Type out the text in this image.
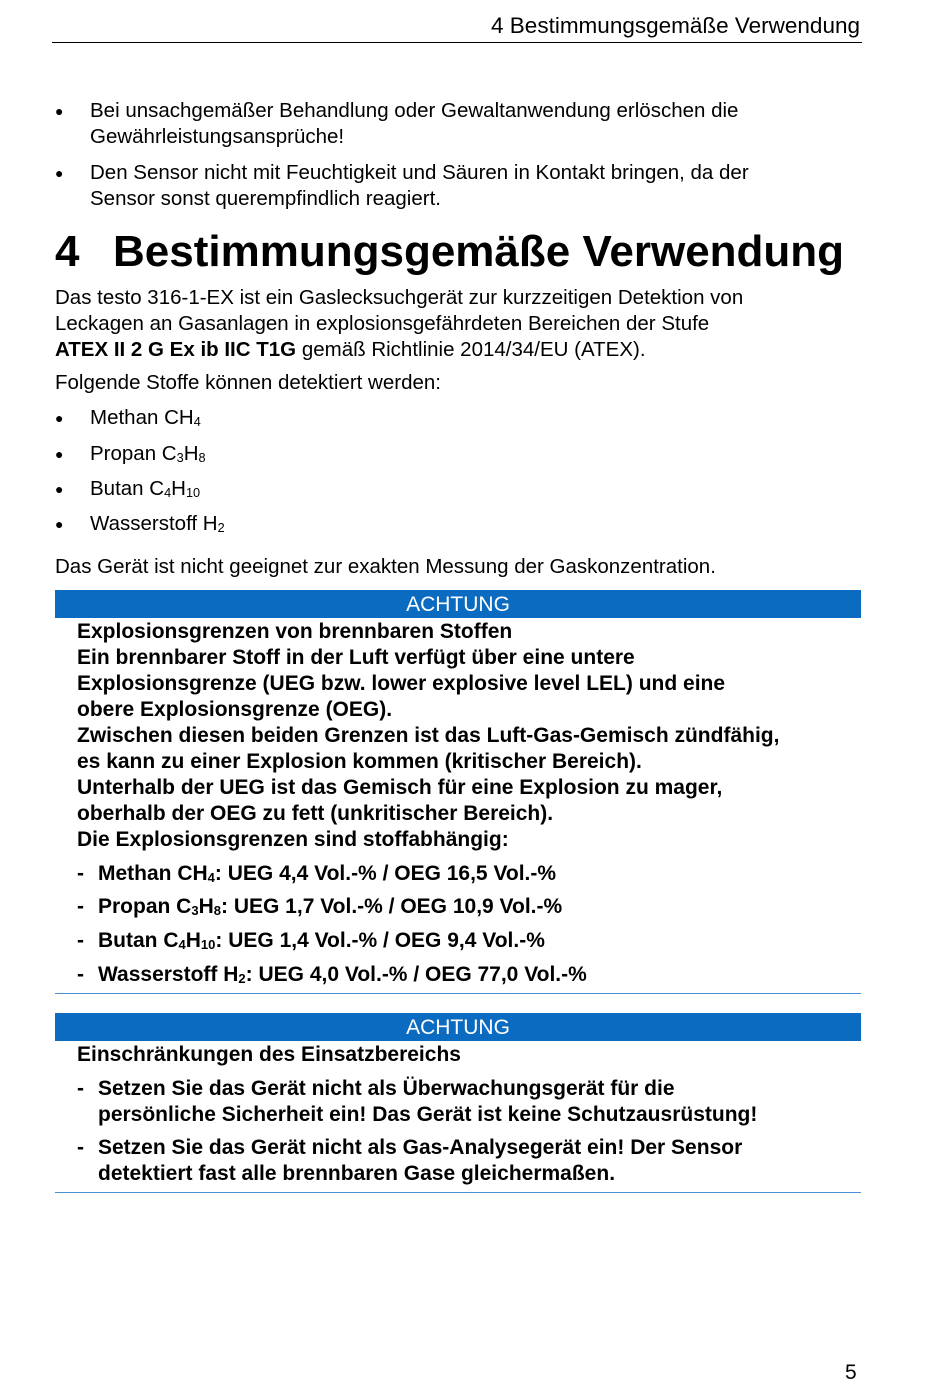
4 Bestimmungsgemäße Verwendung
● Bei unsachgemäßer Behandlung oder Gewaltanwendung erlöschen die
Gewährleistungsansprüche!
● Den Sensor nicht mit Feuchtigkeit und Säuren in Kontakt bringen, da der
Sensor sonst querempfindlich reagiert.
4 Bestimmungsgemäße Verwendung
Das testo 316-1-EX ist ein Gaslecksuchgerät zur kurzzeitigen Detektion von
Leckagen an Gasanlagen in explosionsgefährdeten Bereichen der Stufe
ATEX II 2 G Ex ib IIC T1G gemäß Richtlinie 2014/34/EU (ATEX).
Folgende Stoffe können detektiert werden:
● Methan $CH_4$
● Propan $C_3H_8$
● Butan $C_4H_{10}$
● Wasserstoff $H_2$
Das Gerät ist nicht geeignet zur exakten Messung der Gaskonzentration.
ACHTUNG
Explosionsgrenzen von brennbaren Stoffen
Ein brennbarer Stoff in der Luft verfügt über eine untere
Explosionsgrenze (UEG bzw. lower explosive level LEL) und eine
obere Explosionsgrenze (OEG).
Zwischen diesen beiden Grenzen ist das Luft-Gas-Gemisch zündfähig,
es kann zu einer Explosion kommen (kritischer Bereich).
Unterhalb der UEG ist das Gemisch für eine Explosion zu mager,
oberhalb der OEG zu fett (unkritischer Bereich).
Die Explosionsgrenzen sind stoffabhängig:
- Methan $CH_4$: UEG 4,4 Vol.-% / OEG 16,5 Vol.-%
- Propan $C_3H_8$: UEG 1,7 Vol.-% / OEG 10,9 Vol.-%
- Butan $C_4H_{10}$: UEG 1,4 Vol.-% / OEG 9,4 Vol.-%
- Wasserstoff $H_2$: UEG 4,0 Vol.-% / OEG 77,0 Vol.-%
ACHTUNG
Einschränkungen des Einsatzbereichs
- Setzen Sie das Gerät nicht als Überwachungsgerät für die
persönliche Sicherheit ein! Das Gerät ist keine Schutzausrüstung!
- Setzen Sie das Gerät nicht als Gas-Analysegerät ein! Der Sensor
detektiert fast alle brennbaren Gase gleichermaßen.
5
